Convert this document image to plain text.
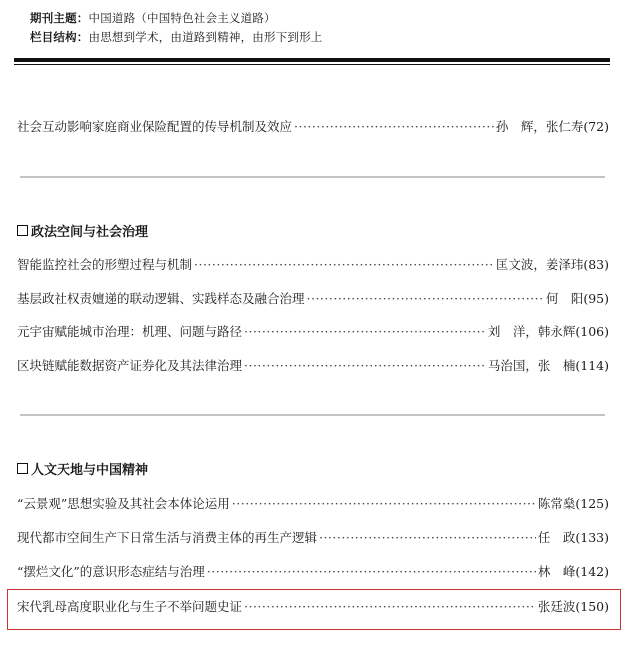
期刊主题：中国道路（中国特色社会主义道路）
栏目结构：由思想到学术，由道路到精神，由形下到形上
社会互动影响家庭商业保险配置的传导机制及效应 ·····	孙　辉，张仁寿 (72)
政法空间与社会治理
智能监控社会的形塑过程与机制 ·····	匡文波，姜泽玮 (83)
基层政社权责嬗递的联动逻辑、实践样态及融合治理 ·····	何　阳 (95)
元宇宙赋能城市治理：机理、问题与路径 ·····	刘　洋，韩永辉 (106)
区块链赋能数据资产证券化及其法律治理 ·····	马治国，张　楠 (114)
人文天地与中国精神
“云景观”思想实验及其社会本体论运用 ·····	陈常燊 (125)
现代都市空间生产下日常生活与消费主体的再生产逻辑 ·····	任　政 (133)
“摆烂文化”的意识形态症结与治理 ·····	林　峰 (142)
宋代乳母高度职业化与生子不举问题史证 ·····	张廷波 (150)
